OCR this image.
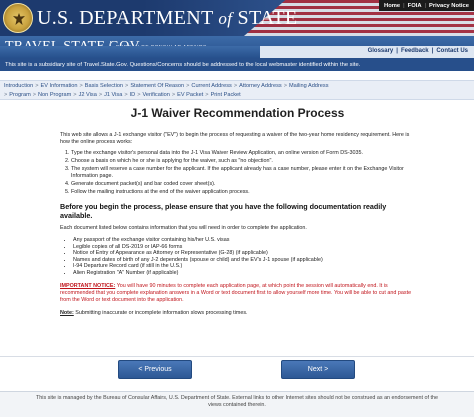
U.S. DEPARTMENT of STATE
Home | FOIA | Privacy Notice
Glossary | Feedback | Contact Us
This site is a subsidiary site of Travel.State.Gov. Questions/Concerns should be addressed to the local webmaster identified within the site.
Introduction > EV Information > Basis Selection > Statement Of Reason > Current Address > Attorney Address > Mailing Address
> Program > Non Program > J2 Visa > J1 Visa > ID > Verification > EV Packet > Print Packet
J-1 Waiver Recommendation Process

This web site allows a J-1 exchange visitor ("EV") to begin the process of requesting a waiver of the two-year home residency requirement. Here is how the online process works:

1. Type the exchange visitor's personal data into the J-1 Visa Waiver Review Application, an online version of Form DS-3035.
2. Choose a basis on which he or she is applying for the waiver, such as "no objection".
3. The system will reserve a case number for the applicant. If the applicant already has a case number, please enter it on the Exchange Visitor Information page.
4. Generate document packet(s) and bar coded cover sheet(s).
5. Follow the mailing instructions at the end of the waiver application process.
Before you begin the process, please ensure that you have the following documentation readily available.

Each document listed below contains information that you will need in order to complete the application.

• Any passport of the exchange visitor containing his/her U.S. visas
• Legible copies of all DS-2019 or IAP-66 forms
• Notice of Entry of Appearance as Attorney or Representative (G-28) (if applicable)
• Names and dates of birth of any J-2 dependents (spouse or child) and the EV's J-1 spouse (if applicable)
• I-94 Departure Record card (if still in the U.S.)
• Alien Registration "A" Number (if applicable)

IMPORTANT NOTICE: You will have 90 minutes to complete each application page, at which point the session will automatically end. It is recommended that you complete explanation answers in a Word or text document first to allow yourself more time. You will be able to cut and paste from the Word or text document into the application.

Note: Submitting inaccurate or incomplete information slows processing times.

< Previous	Next >
This site is managed by the Bureau of Consular Affairs, U.S. Department of State. External links to other Internet sites should not be construed as an endorsement of the views contained therein.
